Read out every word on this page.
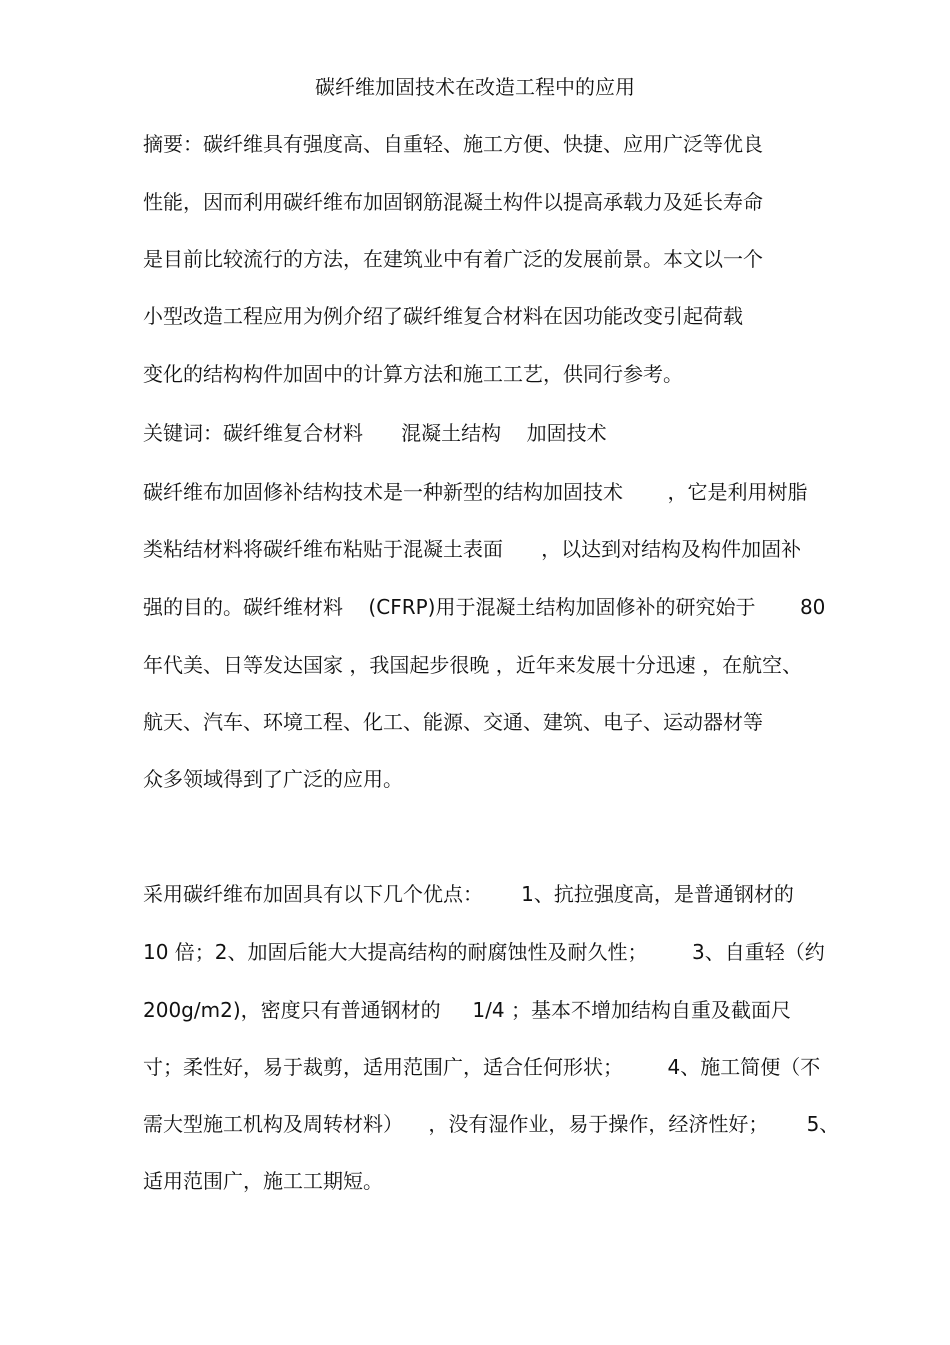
碳纤维加固技术在改造工程中的应用
摘要：碳纤维具有强度高、自重轻、施工方便、快捷、应用广泛等优良
性能，因而利用碳纤维布加固钢筋混凝土构件以提高承载力及延长寿命
是目前比较流行的方法，在建筑业中有着广泛的发展前景。本文以一个
小型改造工程应用为例介绍了碳纤维复合材料在因功能改变引起荷载
变化的结构构件加固中的计算方法和施工工艺，供同行参考。
关键词：碳纤维复合材料      混凝土结构    加固技术
碳纤维布加固修补结构技术是一种新型的结构加固技术       ，它是利用树脂
类粘结材料将碳纤维布粘贴于混凝土表面      ，以达到对结构及构件加固补
强的目的。碳纤维材料    (CFRP)用于混凝土结构加固修补的研究始于       80
年代美、日等发达国家 ，我国起步很晚 ，近年来发展十分迅速 ，在航空、
航天、汽车、环境工程、化工、能源、交通、建筑、电子、运动器材等
众多领域得到了广泛的应用。
采用碳纤维布加固具有以下几个优点：      1、抗拉强度高，是普通钢材的
10 倍；2、加固后能大大提高结构的耐腐蚀性及耐久性；       3、自重轻（约
200g/m2)，密度只有普通钢材的     1/4 ；基本不增加结构自重及截面尺
寸；柔性好，易于裁剪，适用范围广，适合任何形状；       4、施工简便（不
需大型施工机构及周转材料）    ，没有湿作业，易于操作，经济性好；      5、
适用范围广，施工工期短。
